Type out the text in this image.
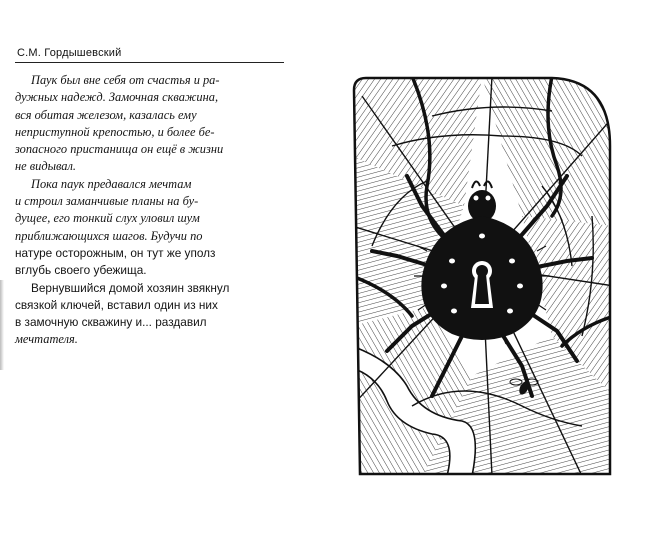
С.М. Гордышевский

Паук был вне себя от счастья и ра-
дужных надежд. Замочная скважина,
вся обитая железом, казалась ему
неприступной крепостью, и более бе-
зопасного пристанища он ещё в жизни
не видывал.

Пока паук предавался мечтам
и строил заманчивые планы на бу-
дущее, его тонкий слух уловил шум
приближающихся шагов. Будучи по
натуре осторожным, он тут же уполз
вглубь своего убежища.

Вернувшийся домой хозяин звякнул
связкой ключей, вставил один из них
в замочную скважину и... раздавил
мечтателя.
